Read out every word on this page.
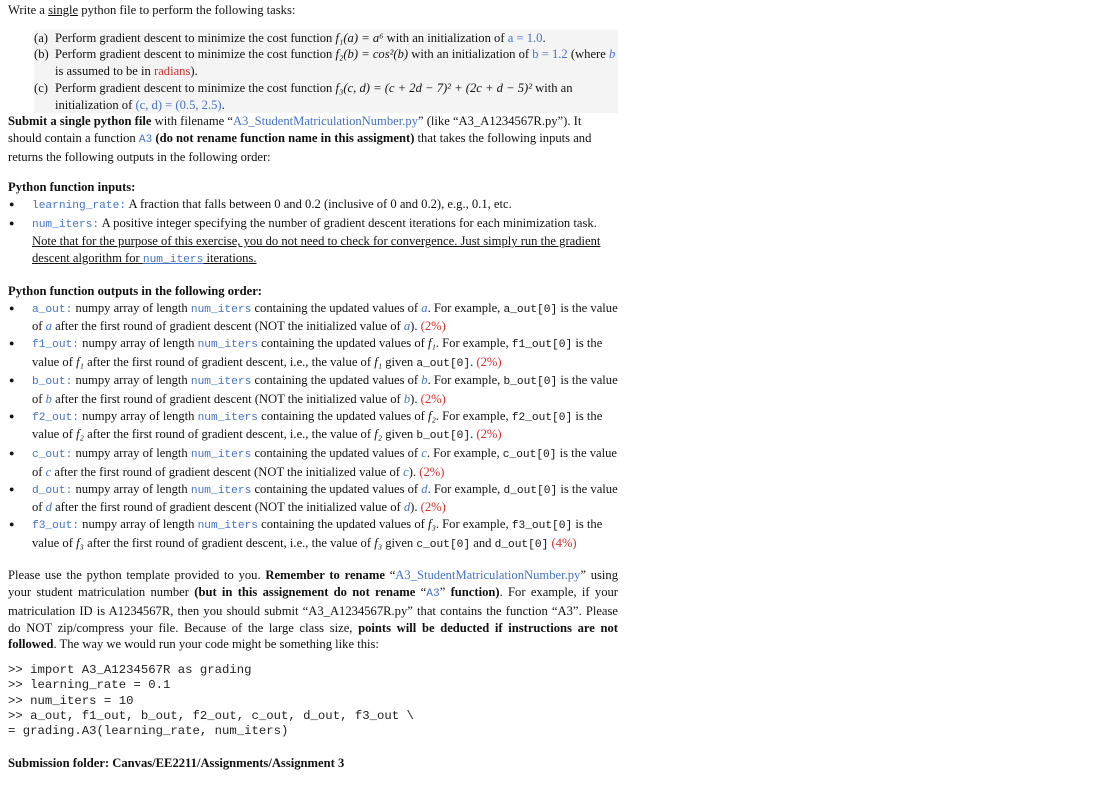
Write a single python file to perform the following tasks:

(a) Perform gradient descent to minimize the cost function f₁(a) = a⁶ with an initialization of a = 1.0.
(b) Perform gradient descent to minimize the cost function f₂(b) = cos²(b) with an initialization of b = 1.2 (where b is assumed to be in radians).
(c) Perform gradient descent to minimize the cost function f₃(c, d) = (c + 2d − 7)² + (2c + d − 5)² with an initialization of (c, d) = (0.5, 2.5).

Submit a single python file with filename “A3_StudentMatriculationNumber.py” (like “A3_A1234567R.py”). It should contain a function A3 (do not rename function name in this assigment) that takes the following inputs and returns the following outputs in the following order:

Python function inputs:

● learning_rate: A fraction that falls between 0 and 0.2 (inclusive of 0 and 0.2), e.g., 0.1, etc.
● num_iters: A positive integer specifying the number of gradient descent iterations for each minimization task. Note that for the purpose of this exercise, you do not need to check for convergence. Just simply run the gradient descent algorithm for num_iters iterations.

Python function outputs in the following order:

● a_out: numpy array of length num_iters containing the updated values of a. For example, a_out[0] is the value of a after the first round of gradient descent (NOT the initialized value of a). (2%)
● f1_out: numpy array of length num_iters containing the updated values of f₁. For example, f1_out[0] is the value of f₁ after the first round of gradient descent, i.e., the value of f₁ given a_out[0]. (2%)
● b_out: numpy array of length num_iters containing the updated values of b. For example, b_out[0] is the value of b after the first round of gradient descent (NOT the initialized value of b). (2%)
● f2_out: numpy array of length num_iters containing the updated values of f₂. For example, f2_out[0] is the value of f₂ after the first round of gradient descent, i.e., the value of f₂ given b_out[0]. (2%)
● c_out: numpy array of length num_iters containing the updated values of c. For example, c_out[0] is the value of c after the first round of gradient descent (NOT the initialized value of c). (2%)
● d_out: numpy array of length num_iters containing the updated values of d. For example, d_out[0] is the value of d after the first round of gradient descent (NOT the initialized value of d). (2%)
● f3_out: numpy array of length num_iters containing the updated values of f₃. For example, f3_out[0] is the value of f₃ after the first round of gradient descent, i.e., the value of f₃ given c_out[0] and d_out[0] (4%)

Please use the python template provided to you. Remember to rename “A3_StudentMatriculationNumber.py” using your student matriculation number (but in this assignement do not rename “A3” function). For example, if your matriculation ID is A1234567R, then you should submit “A3_A1234567R.py” that contains the function “A3”. Please do NOT zip/compress your file. Because of the large class size, points will be deducted if instructions are not followed. The way we would run your code might be something like this:

>> import A3_A1234567R as grading
>> learning_rate = 0.1
>> num_iters = 10
>> a_out, f1_out, b_out, f2_out, c_out, d_out, f3_out \
= grading.A3(learning_rate, num_iters)

Submission folder: Canvas/EE2211/Assignments/Assignment 3
